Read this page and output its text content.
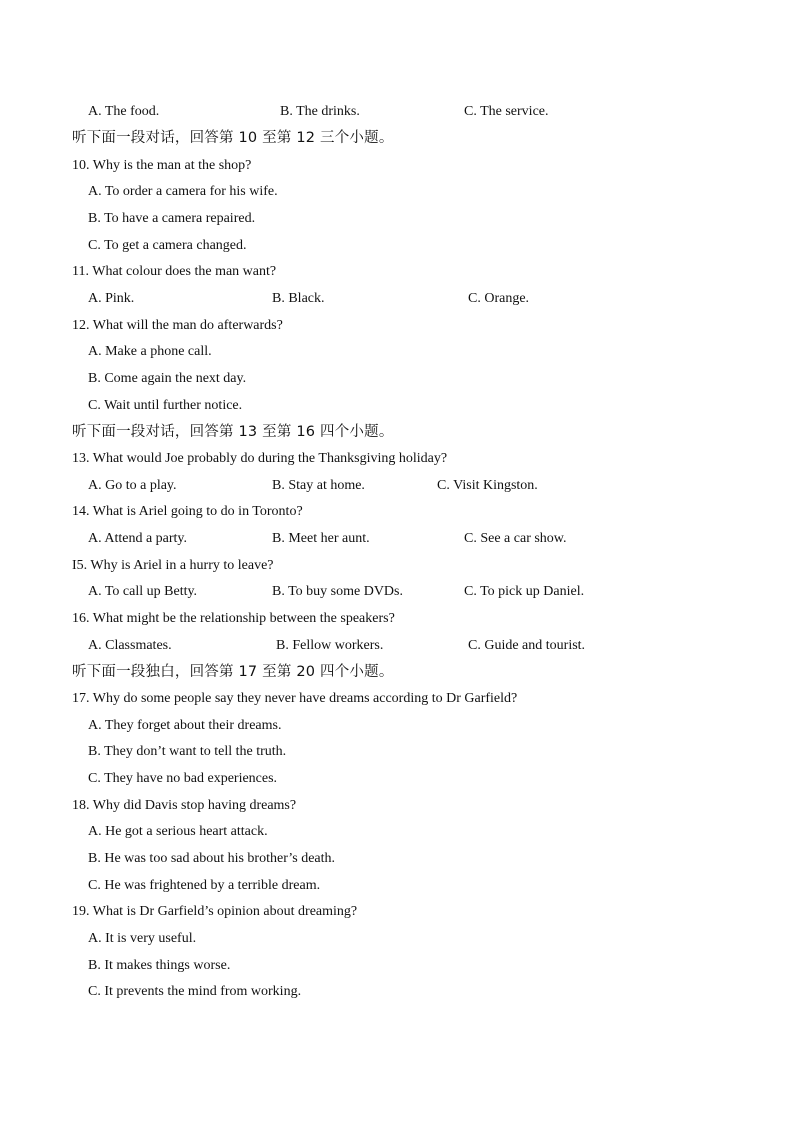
A. The food.	B. The drinks.	C. The service.
听下面一段对话，回答第 10 至第 12 三个小题。
10. Why is the man at the shop?
A. To order a camera for his wife.
B. To have a camera repaired.
C. To get a camera changed.
11. What colour does the man want?
A. Pink.	B. Black.	C. Orange.
12. What will the man do afterwards?
A. Make a phone call.
B. Come again the next day.
C. Wait until further notice.
听下面一段对话，回答第 13 至第 16 四个小题。
13. What would Joe probably do during the Thanksgiving holiday?
A. Go to a play.	B. Stay at home.	C. Visit Kingston.
14. What is Ariel going to do in Toronto?
A. Attend a party.	B. Meet her aunt.	C. See a car show.
I5. Why is Ariel in a hurry to leave?
A. To call up Betty.	B. To buy some DVDs.	C. To pick up Daniel.
16. What might be the relationship between the speakers?
A. Classmates.	B. Fellow workers.	C. Guide and tourist.
听下面一段独白，回答第 17 至第 20 四个小题。
17. Why do some people say they never have dreams according to Dr Garfield?
A. They forget about their dreams.
B. They don’t want to tell the truth.
C. They have no bad experiences.
18. Why did Davis stop having dreams?
A. He got a serious heart attack.
B. He was too sad about his brother’s death.
C. He was frightened by a terrible dream.
19. What is Dr Garfield’s opinion about dreaming?
A. It is very useful.
B. It makes things worse.
C. It prevents the mind from working.
